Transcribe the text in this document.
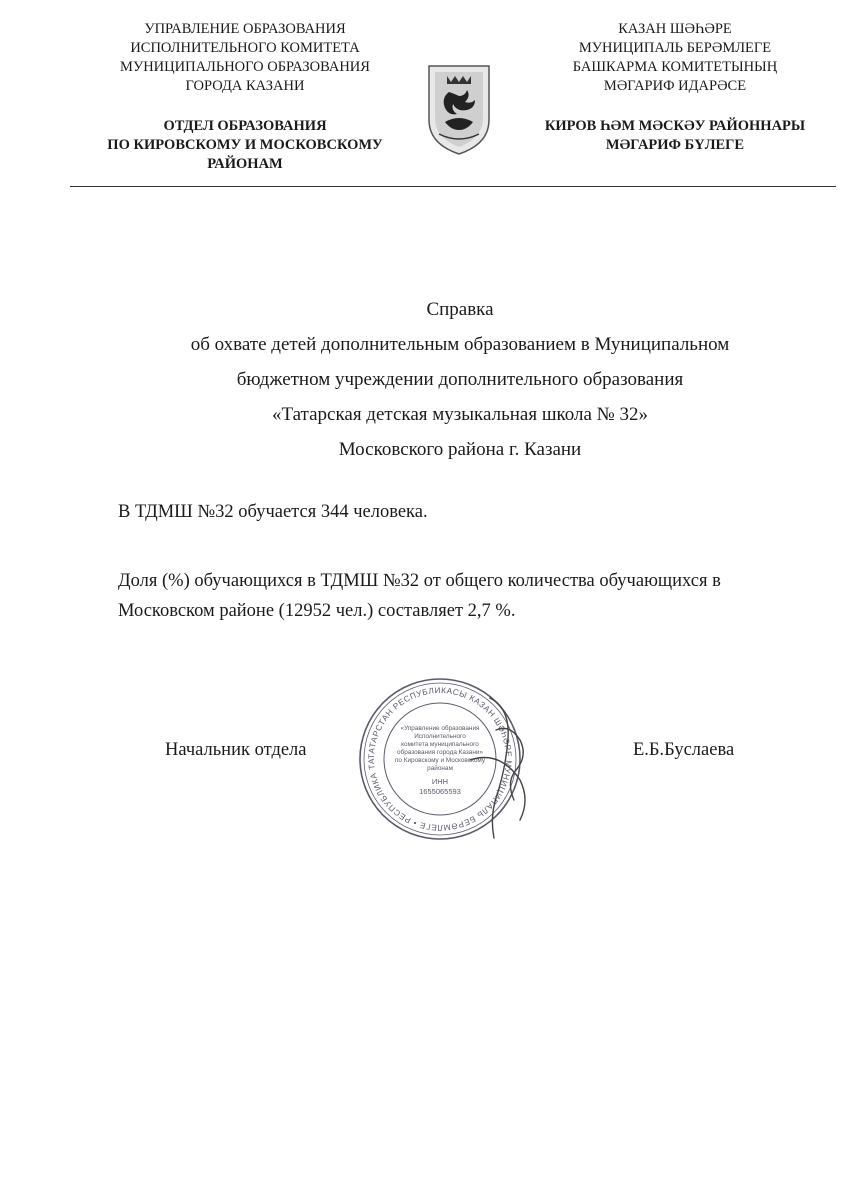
УПРАВЛЕНИЕ ОБРАЗОВАНИЯ
ИСПОЛНИТЕЛЬНОГО КОМИТЕТА
МУНИЦИПАЛЬНОГО ОБРАЗОВАНИЯ
ГОРОДА КАЗАНИ
ОТДЕЛ ОБРАЗОВАНИЯ
ПО КИРОВСКОМУ И МОСКОВСКОМУ
РАЙОНАМ
КАЗАН ШӘҺӘРЕ
МУНИЦИПАЛЬ БЕРӘМЛЕГЕ
БАШКАРМА КОМИТЕТЫНЫҢ
МӘГАРИФ ИДАРӘСЕ
КИРОВ ҺӘМ МӘСКӘУ РАЙОННАРЫ
МӘГАРИФ БҮЛЕГЕ
Справка
об охвате детей дополнительным образованием в Муниципальном
бюджетном учреждении дополнительного образования
«Татарская детская музыкальная школа № 32»
Московского района г. Казани
В ТДМШ №32 обучается 344 человека.
Доля (%) обучающихся в ТДМШ №32 от общего количества обучающихся в
Московском районе (12952 чел.) составляет 2,7 %.
Начальник отдела	Е.Б.Буслаева
ТАТАРСТАН РЕСПУБЛИКАСЫ КАЗАН ШӘҺӘРЕ МУНИЦИПАЛЬ БЕРӘМЛЕГЕ • РЕСПУБЛИКА ТА
«Управление образования
Исполнительного
комитета муниципального
образования города Казани»
по Кировскому и Московскому
районам
ИНН
1655065593
